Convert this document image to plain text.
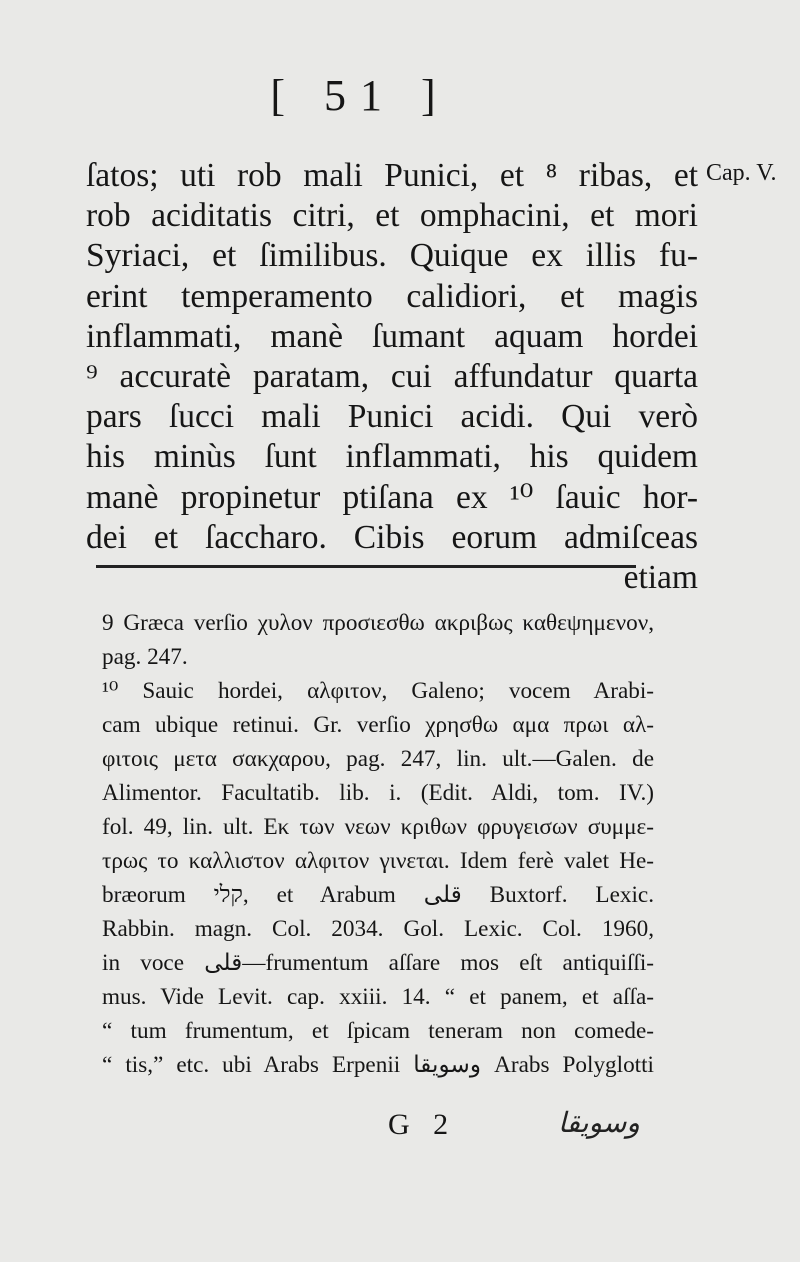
[ 51 ]
Cap. V.
ſatos; uti rob mali Punici, et ⁸ ribas, et
rob aciditatis citri, et omphacini, et mori
Syriaci, et ſimilibus. Quique ex illis fu-
erint temperamento calidiori, et magis
inflammati, manè ſumant aquam hordei
⁹ accuratè paratam, cui affundatur quarta
pars ſucci mali Punici acidi. Qui verò
his minùs ſunt inflammati, his quidem
manè propinetur ptiſana ex ¹⁰ ſauic hor-
dei et ſaccharo. Cibis eorum admiſceas
etiam
9 Græca verſio χυλον προσιεσθω ακριβως καθεψημενον,
pag. 247.
¹⁰ Sauic hordei, αλφιτον, Galeno; vocem Arabi-
cam ubique retinui. Gr. verſio χρησθω αμα πρωι αλ-
φιτοις μετα σακχαρου, pag. 247, lin. ult.—Galen. de
Alimentor. Facultatib. lib. i. (Edit. Aldi, tom. IV.)
fol. 49, lin. ult. Εκ των νεων κριθων φρυγεισων συμμε-
τρως το καλλιστον αλφιτον γινεται. Idem ferè valet He-
bræorum קלי, et Arabum قلى Buxtorf. Lexic.
Rabbin. magn. Col. 2034. Gol. Lexic. Col. 1960,
in voce قلى—frumentum aſſare mos eſt antiquiſſi-
mus. Vide Levit. cap. xxiii. 14. “ et panem, et aſſa-
“ tum frumentum, et ſpicam teneram non comede-
“ tis,” etc. ubi Arabs Erpenii وسويقا Arabs Polyglotti
G 2	وسويقا
